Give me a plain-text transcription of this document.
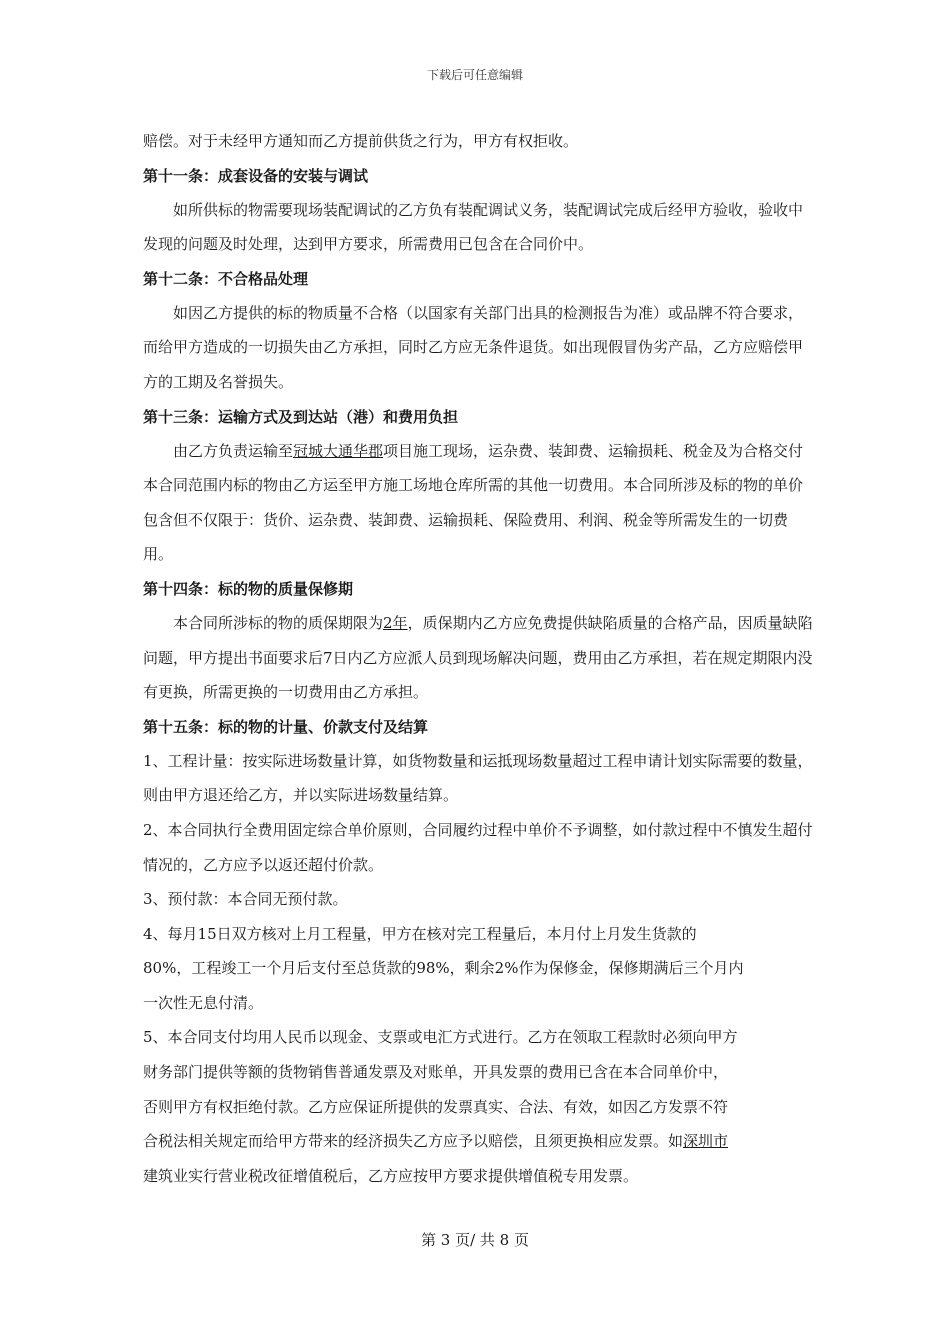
下载后可任意编辑

赔偿。对于未经甲方通知而乙方提前供货之行为，甲方有权拒收。

第十一条：成套设备的安装与调试

如所供标的物需要现场装配调试的乙方负有装配调试义务，装配调试完成后经甲方验收，验收中发现的问题及时处理，达到甲方要求，所需费用已包含在合同价中。

第十二条：不合格品处理

如因乙方提供的标的物质量不合格（以国家有关部门出具的检测报告为准）或品牌不符合要求，而给甲方造成的一切损失由乙方承担，同时乙方应无条件退货。如出现假冒伪劣产品，乙方应赔偿甲方的工期及名誉损失。

第十三条：运输方式及到达站（港）和费用负担

由乙方负责运输至冠城大通华郡项目施工现场，运杂费、装卸费、运输损耗、税金及为合格交付本合同范围内标的物由乙方运至甲方施工场地仓库所需的其他一切费用。本合同所涉及标的物的单价包含但不仅限于：货价、运杂费、装卸费、运输损耗、保险费用、利润、税金等所需发生的一切费用。

第十四条：标的物的质量保修期

本合同所涉标的物的质保期限为2年，质保期内乙方应免费提供缺陷质量的合格产品，因质量缺陷问题，甲方提出书面要求后7日内乙方应派人员到现场解决问题，费用由乙方承担，若在规定期限内没有更换，所需更换的一切费用由乙方承担。

第十五条：标的物的计量、价款支付及结算

1、工程计量：按实际进场数量计算，如货物数量和运抵现场数量超过工程申请计划实际需要的数量，则由甲方退还给乙方，并以实际进场数量结算。

2、本合同执行全费用固定综合单价原则，合同履约过程中单价不予调整，如付款过程中不慎发生超付情况的，乙方应予以返还超付价款。

3、预付款：本合同无预付款。

4、每月15日双方核对上月工程量，甲方在核对完工程量后，本月付上月发生货款的

80%，工程竣工一个月后支付至总货款的98%，剩余2%作为保修金，保修期满后三个月内

一次性无息付清。

5、本合同支付均用人民币以现金、支票或电汇方式进行。乙方在领取工程款时必须向甲方

财务部门提供等额的货物销售普通发票及对账单，开具发票的费用已含在本合同单价中，

否则甲方有权拒绝付款。乙方应保证所提供的发票真实、合法、有效，如因乙方发票不符

合税法相关规定而给甲方带来的经济损失乙方应予以赔偿，且须更换相应发票。如深圳市

建筑业实行营业税改征增值税后，乙方应按甲方要求提供增值税专用发票。

第 3 页/ 共 8 页
